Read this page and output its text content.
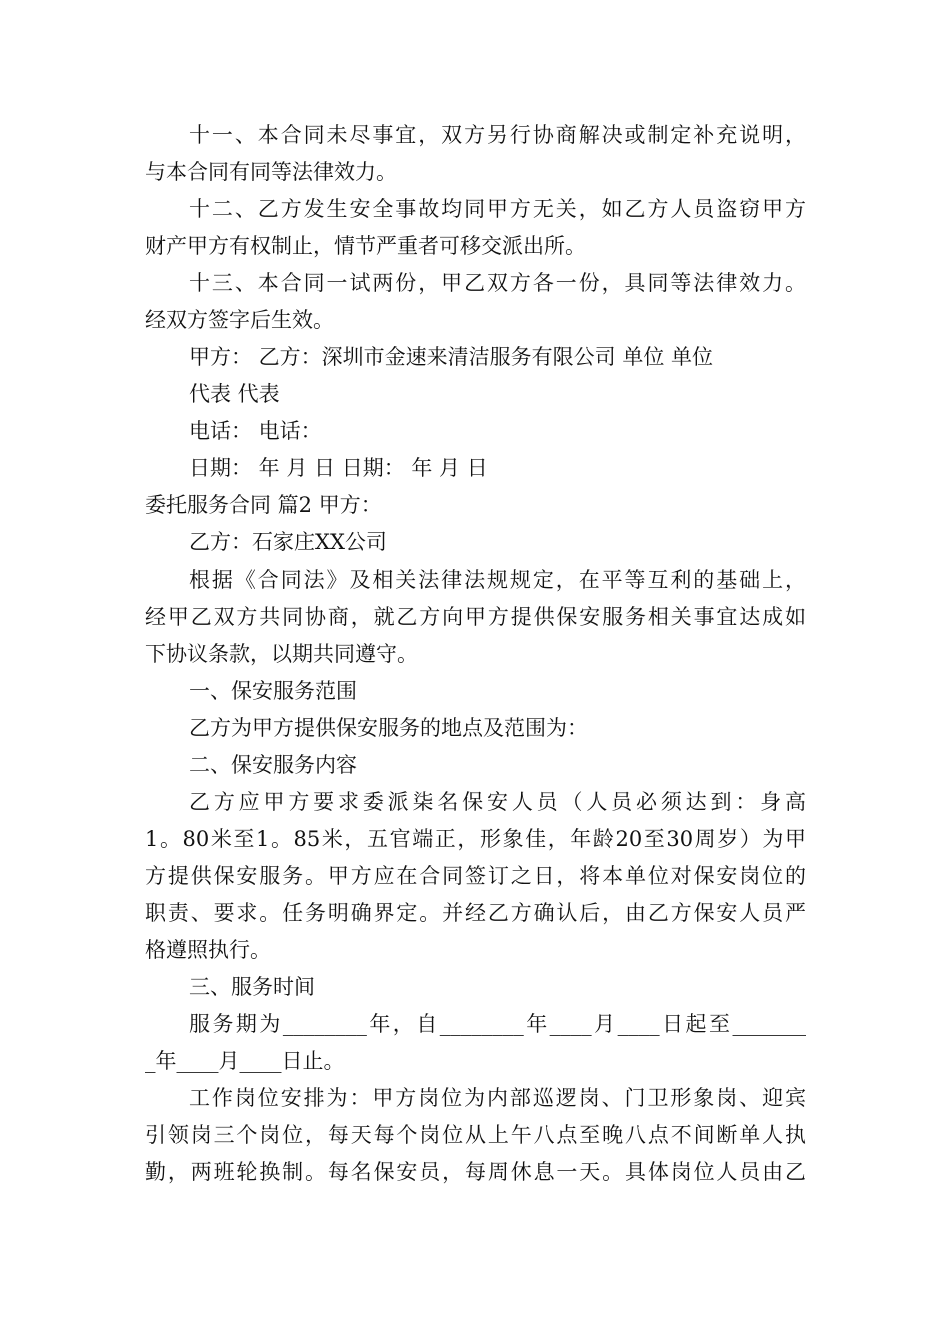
十一、本合同未尽事宜，双方另行协商解决或制定补充说明，
与本合同有同等法律效力。
十二、乙方发生安全事故均同甲方无关，如乙方人员盗窃甲方
财产甲方有权制止，情节严重者可移交派出所。
十三、本合同一试两份，甲乙双方各一份，具同等法律效力。
经双方签字后生效。
甲方： 乙方：深圳市金速来清洁服务有限公司 单位 单位
代表 代表
电话： 电话：
日期： 年 月 日 日期： 年 月 日
委托服务合同 篇2 甲方：
乙方：石家庄XX公司
根据《合同法》及相关法律法规规定，在平等互利的基础上，
经甲乙双方共同协商，就乙方向甲方提供保安服务相关事宜达成如
下协议条款，以期共同遵守。
一、保安服务范围
乙方为甲方提供保安服务的地点及范围为：
二、保安服务内容
乙方应甲方要求委派柒名保安人员（人员必须达到：身高
1。80米至1。85米，五官端正，形象佳，年龄20至30周岁）为甲
方提供保安服务。甲方应在合同签订之日，将本单位对保安岗位的
职责、要求。任务明确界定。并经乙方确认后，由乙方保安人员严
格遵照执行。
三、服务时间
服务期为________年，自________年____月____日起至_______
_年____月____日止。
工作岗位安排为：甲方岗位为内部巡逻岗、门卫形象岗、迎宾
引领岗三个岗位，每天每个岗位从上午八点至晚八点不间断单人执
勤，两班轮换制。每名保安员，每周休息一天。具体岗位人员由乙
